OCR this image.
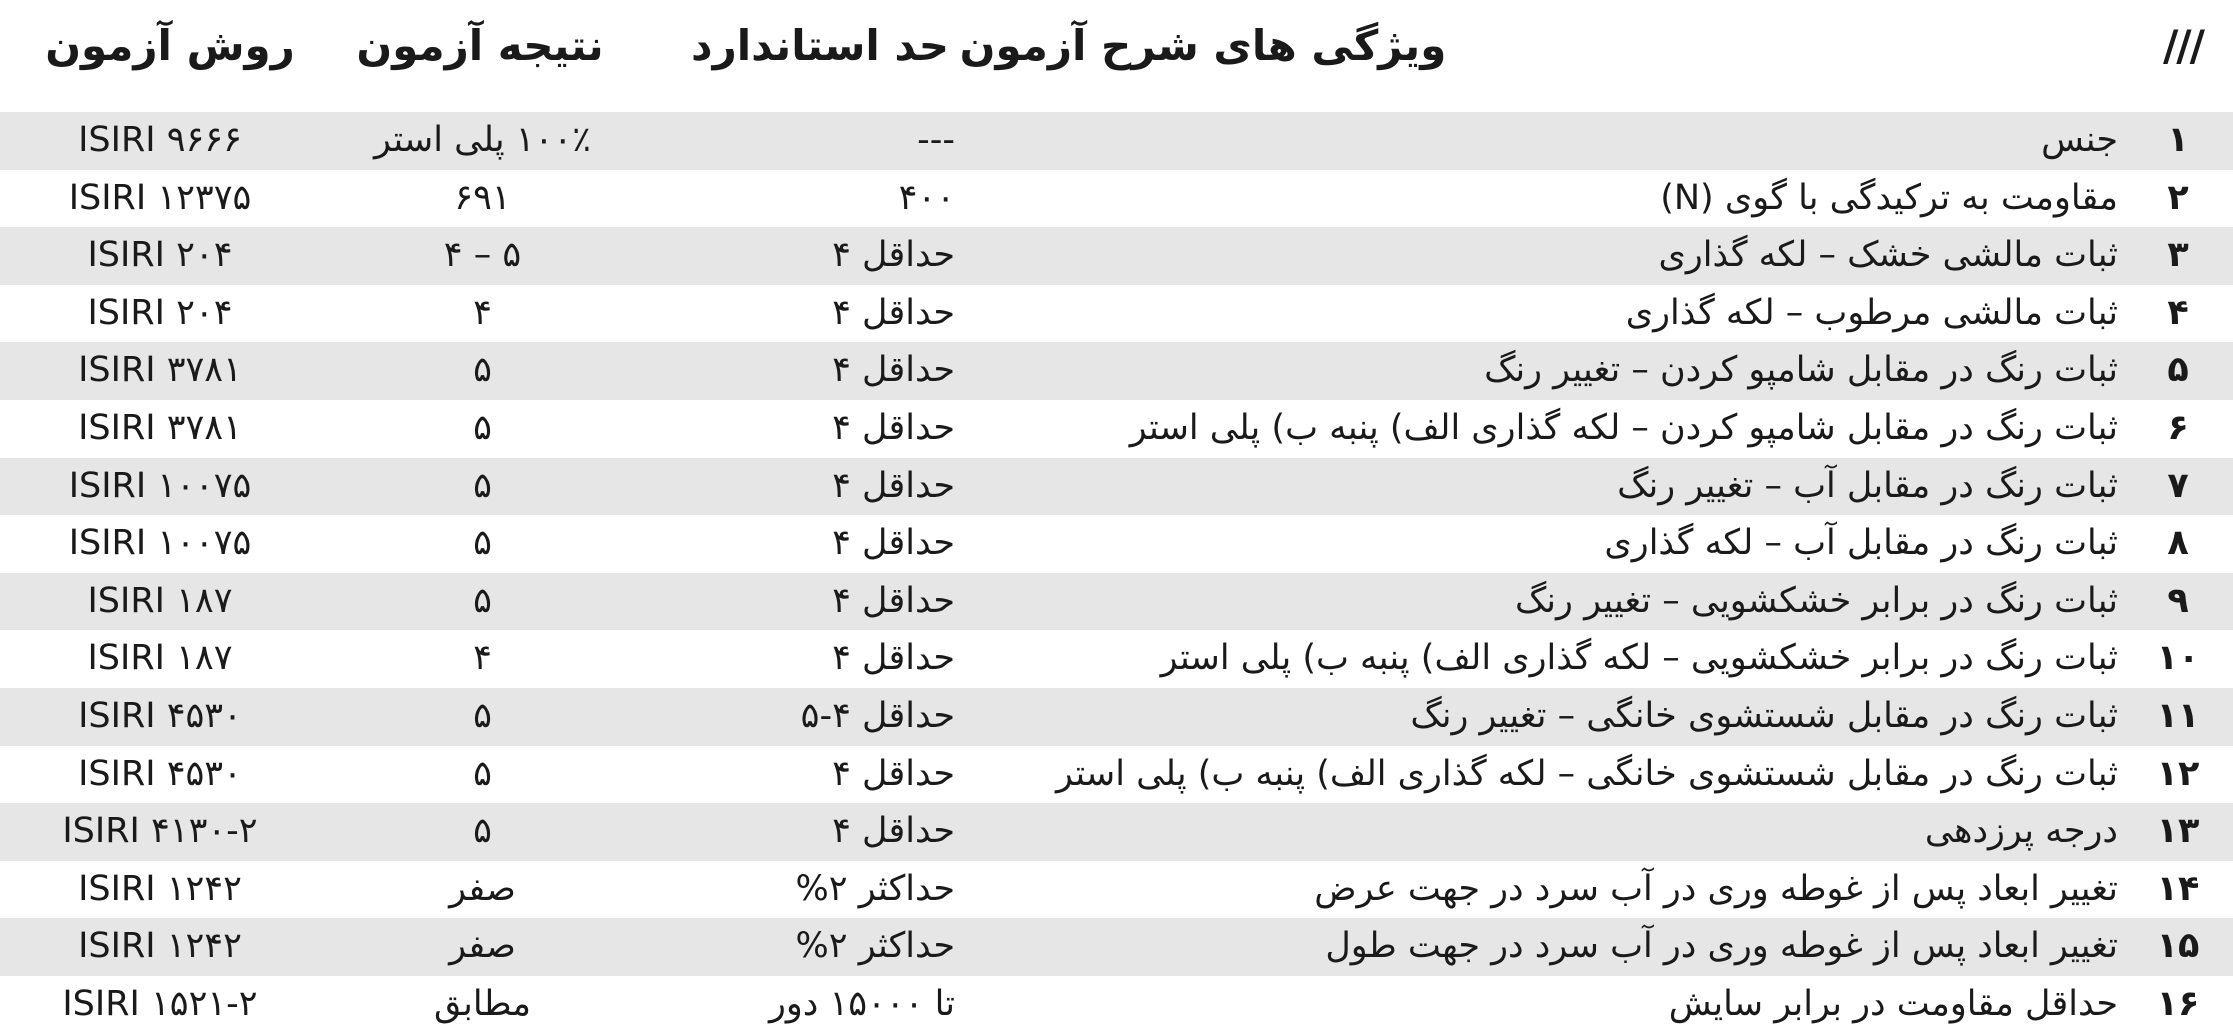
///
ویژگی های شرح آزمون
حد استاندارد
نتیجه آزمون
روش آزمون
۱
جنس
---
۱۰۰٪ پلی استر
ISIRI ۹۶۶۶
۲
مقاومت به ترکیدگی با گوی (N)
۴۰۰
۶۹۱
ISIRI ۱۲۳۷۵
۳
ثبات مالشی خشک – لکه گذاری
حداقل ۴
۵ – ۴
ISIRI ۲۰۴
۴
ثبات مالشی مرطوب – لکه گذاری
حداقل ۴
۴
ISIRI ۲۰۴
۵
ثبات رنگ در مقابل شامپو کردن – تغییر رنگ
حداقل ۴
۵
ISIRI ۳۷۸۱
۶
ثبات رنگ در مقابل شامپو کردن – لکه گذاری الف) پنبه ب) پلی استر
حداقل ۴
۵
ISIRI ۳۷۸۱
۷
ثبات رنگ در مقابل آب – تغییر رنگ
حداقل ۴
۵
ISIRI ۱۰۰۷۵
۸
ثبات رنگ در مقابل آب – لکه گذاری
حداقل ۴
۵
ISIRI ۱۰۰۷۵
۹
ثبات رنگ در برابر خشکشویی – تغییر رنگ
حداقل ۴
۵
ISIRI ۱۸۷
۱۰
ثبات رنگ در برابر خشکشویی – لکه گذاری الف) پنبه ب) پلی استر
حداقل ۴
۴
ISIRI ۱۸۷
۱۱
ثبات رنگ در مقابل شستشوی خانگی – تغییر رنگ
حداقل ۴-۵
۵
ISIRI ۴۵۳۰
۱۲
ثبات رنگ در مقابل شستشوی خانگی – لکه گذاری الف) پنبه ب) پلی استر
حداقل ۴
۵
ISIRI ۴۵۳۰
۱۳
درجه پرزدهی
حداقل ۴
۵
ISIRI ۴۱۳۰-۲
۱۴
تغییر ابعاد پس از غوطه وری در آب سرد در جهت عرض
حداکثر ۲%
صفر
ISIRI ۱۲۴۲
۱۵
تغییر ابعاد پس از غوطه وری در آب سرد در جهت طول
حداکثر ۲%
صفر
ISIRI ۱۲۴۲
۱۶
حداقل مقاومت در برابر سایش
تا ۱۵۰۰۰ دور
مطابق
ISIRI ۱۵۲۱-۲
